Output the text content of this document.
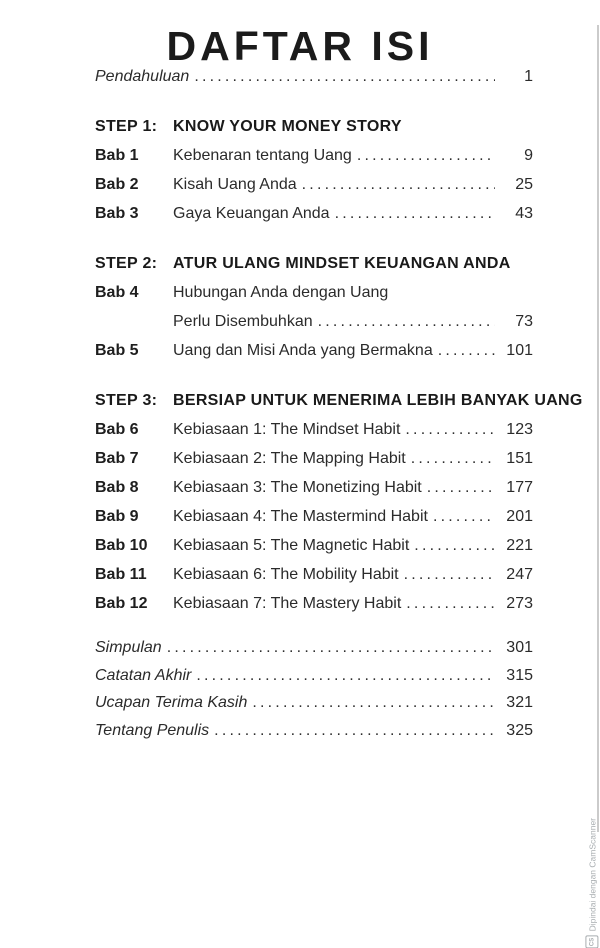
DAFTAR ISI
Pendahuluan .....	1
STEP 1: KNOW YOUR MONEY STORY
Bab 1	Kebenaran tentang Uang .....	9
Bab 2	Kisah Uang Anda .....	25
Bab 3	Gaya Keuangan Anda .....	43
STEP 2: ATUR ULANG MINDSET KEUANGAN ANDA
Bab 4	Hubungan Anda dengan Uang
Perlu Disembuhkan .....	73
Bab 5	Uang dan Misi Anda yang Bermakna .....	101
STEP 3: BERSIAP UNTUK MENERIMA LEBIH BANYAK UANG
Bab 6	Kebiasaan 1: The Mindset Habit .....	123
Bab 7	Kebiasaan 2: The Mapping Habit .....	151
Bab 8	Kebiasaan 3: The Monetizing Habit .....	177
Bab 9	Kebiasaan 4: The Mastermind Habit .....	201
Bab 10	Kebiasaan 5: The Magnetic Habit .....	221
Bab 11	Kebiasaan 6: The Mobility Habit .....	247
Bab 12	Kebiasaan 7: The Mastery Habit .....	273
Simpulan .....	301
Catatan Akhir .....	315
Ucapan Terima Kasih .....	321
Tentang Penulis .....	325
CS
Dipindai dengan CamScanner
